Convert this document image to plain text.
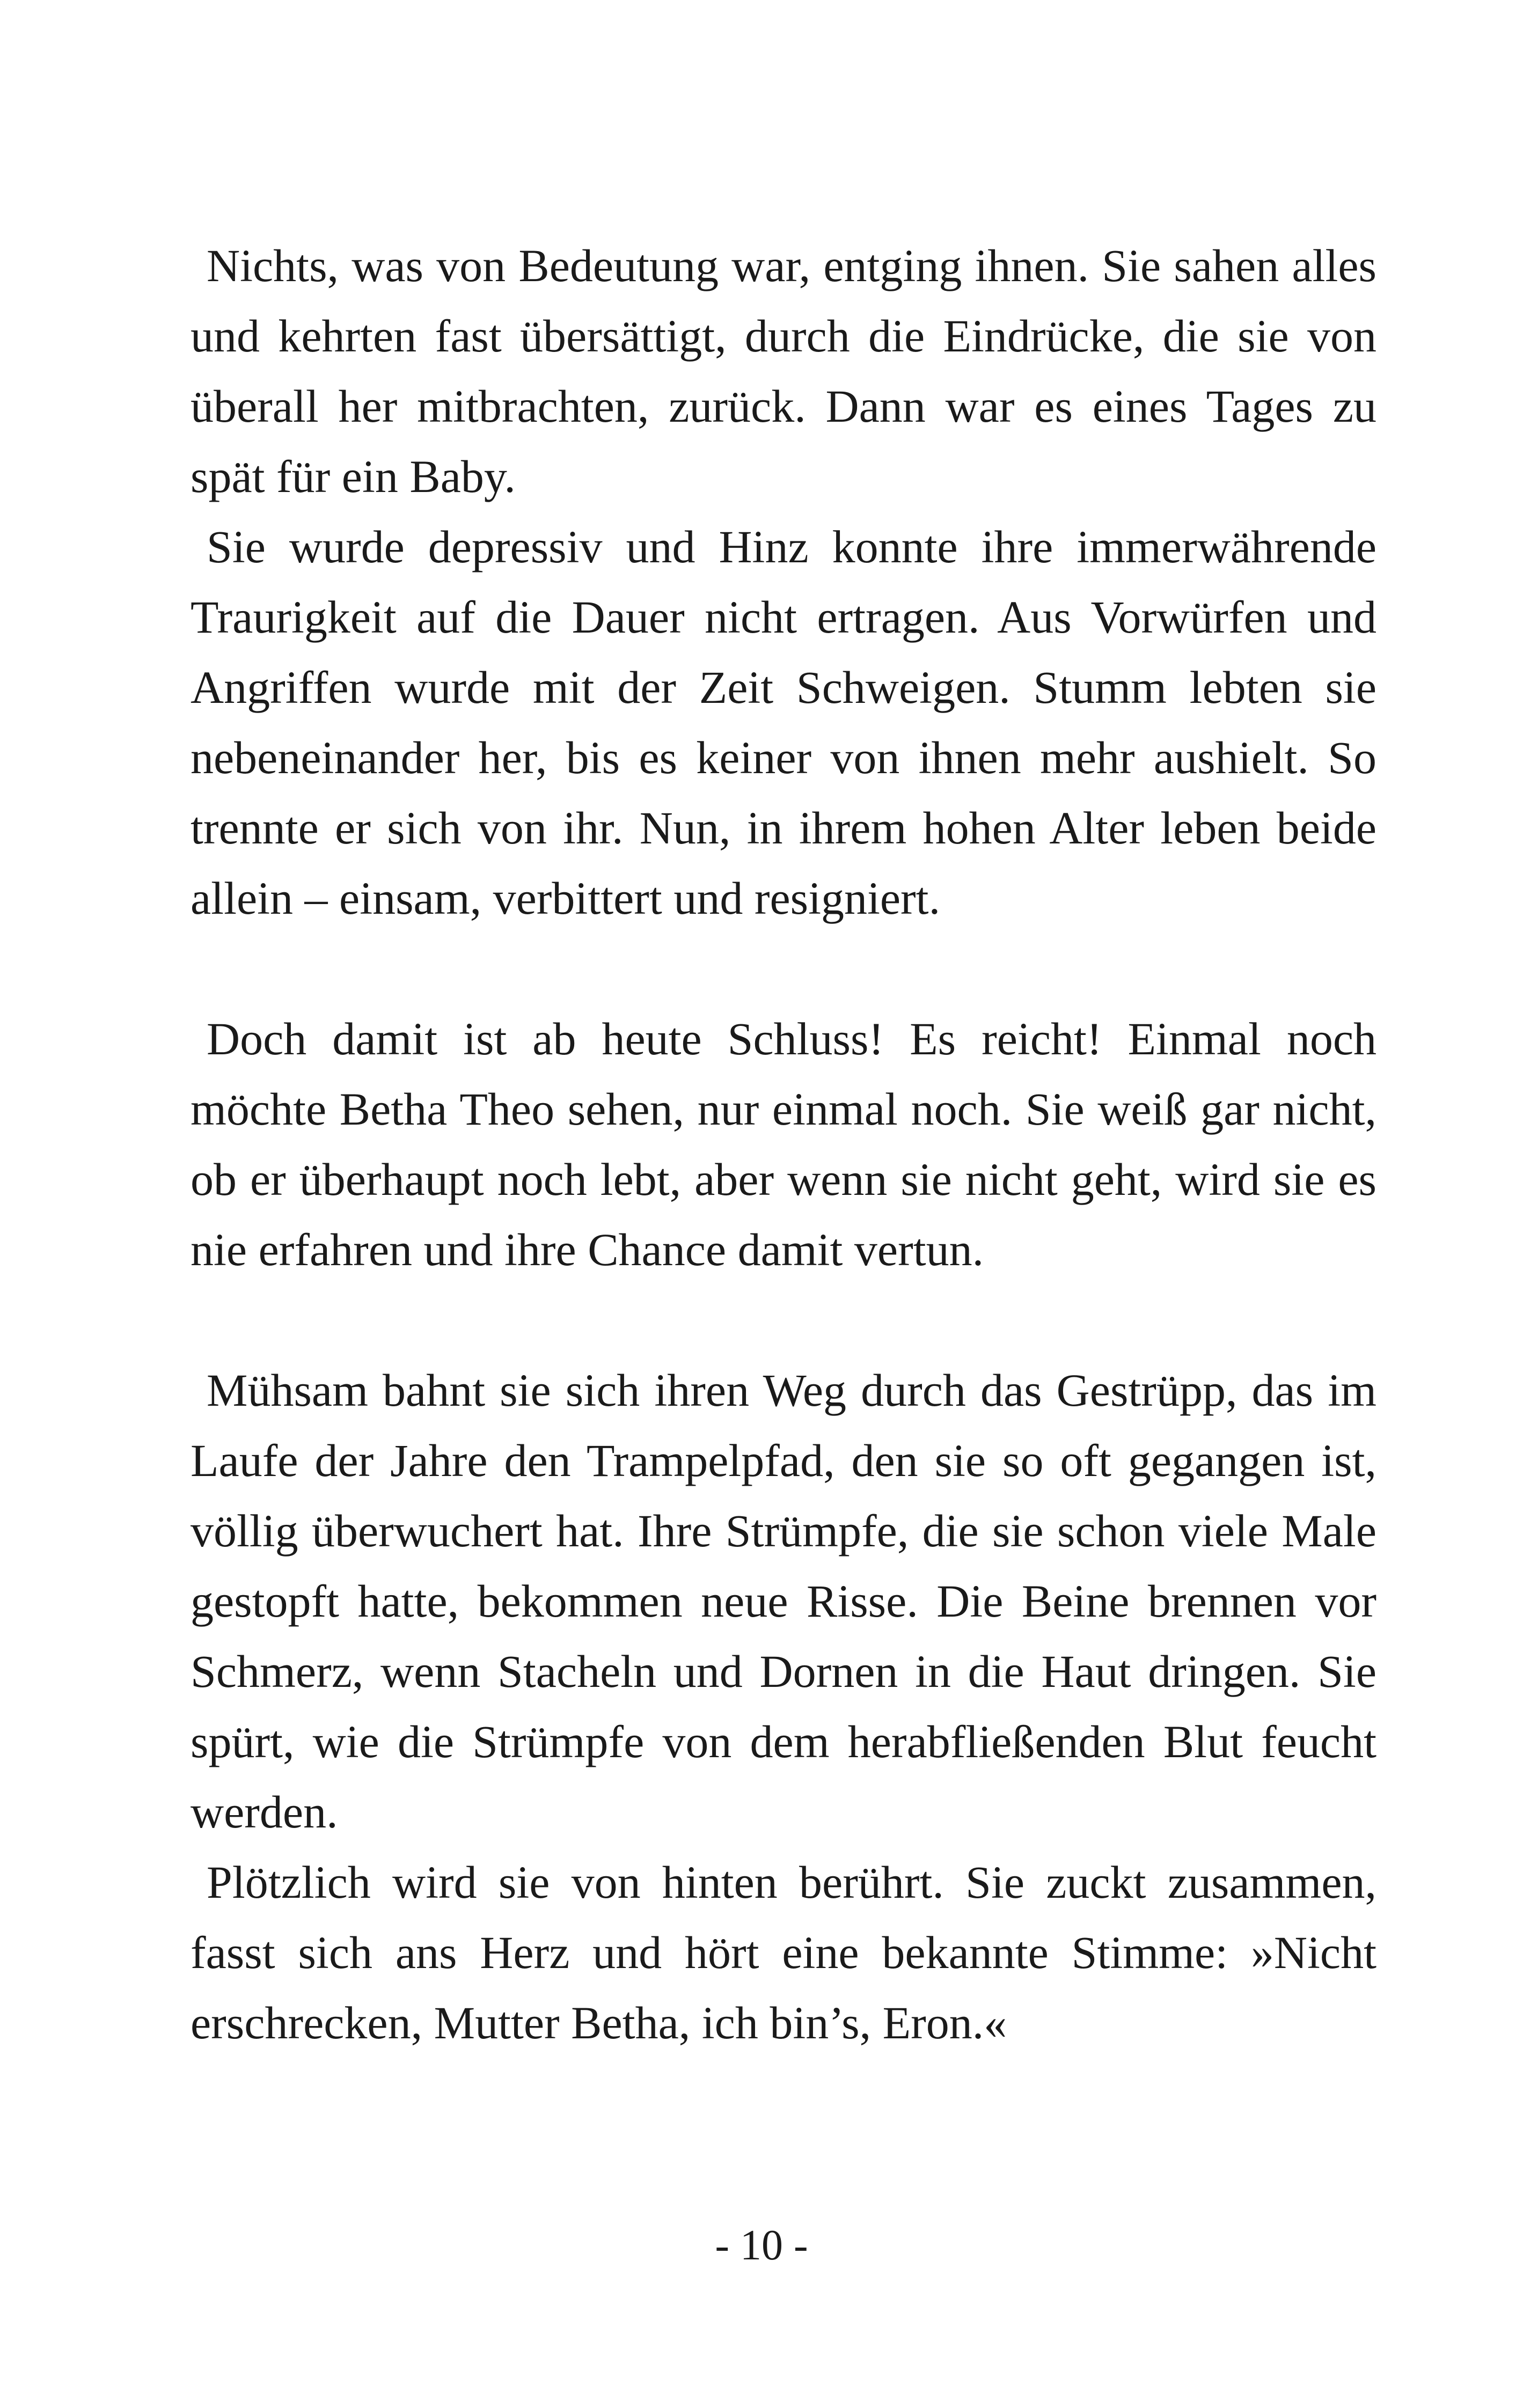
Nichts, was von Bedeutung war, entging ihnen. Sie sahen alles und kehrten fast übersättigt, durch die Eindrücke, die sie von überall her mitbrachten, zurück. Dann war es eines Tages zu spät für ein Baby.

Sie wurde depressiv und Hinz konnte ihre immerwährende Traurigkeit auf die Dauer nicht ertragen. Aus Vorwürfen und Angriffen wurde mit der Zeit Schweigen. Stumm lebten sie nebeneinander her, bis es keiner von ihnen mehr aushielt. So trennte er sich von ihr. Nun, in ihrem hohen Alter leben beide allein – einsam, verbittert und resigniert.

Doch damit ist ab heute Schluss! Es reicht! Einmal noch möchte Betha Theo sehen, nur einmal noch. Sie weiß gar nicht, ob er überhaupt noch lebt, aber wenn sie nicht geht, wird sie es nie erfahren und ihre Chance damit vertun.

Mühsam bahnt sie sich ihren Weg durch das Gestrüpp, das im Laufe der Jahre den Trampelpfad, den sie so oft gegangen ist, völlig überwuchert hat. Ihre Strümpfe, die sie schon viele Male gestopft hatte, bekommen neue Risse. Die Beine brennen vor Schmerz, wenn Stacheln und Dornen in die Haut dringen. Sie spürt, wie die Strümpfe von dem herabfließenden Blut feucht werden.

Plötzlich wird sie von hinten berührt. Sie zuckt zusammen, fasst sich ans Herz und hört eine bekannte Stimme: »Nicht erschrecken, Mutter Betha, ich bin’s, Eron.«

- 10 -
